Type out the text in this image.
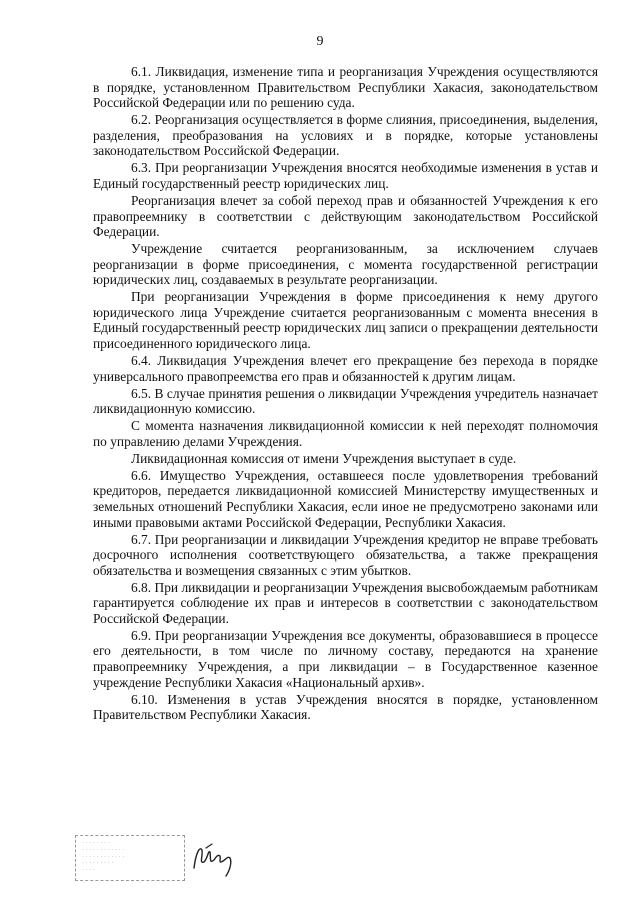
9

6.1. Ликвидация, изменение типа и реорганизация Учреждения осуществляются в порядке, установленном Правительством Республики Хакасия, законодательством Российской Федерации или по решению суда.

6.2. Реорганизация осуществляется в форме слияния, присоединения, выделения, разделения, преобразования на условиях и в порядке, которые установлены законодательством Российской Федерации.

6.3. При реорганизации Учреждения вносятся необходимые изменения в устав и Единый государственный реестр юридических лиц.

Реорганизация влечет за собой переход прав и обязанностей Учреждения к его правопреемнику в соответствии с действующим законодательством Российской Федерации.

Учреждение считается реорганизованным, за исключением случаев реорганизации в форме присоединения, с момента государственной регистрации юридических лиц, создаваемых в результате реорганизации.

При реорганизации Учреждения в форме присоединения к нему другого юридического лица Учреждение считается реорганизованным с момента внесения в Единый государственный реестр юридических лиц записи о прекращении деятельности присоединенного юридического лица.

6.4. Ликвидация Учреждения влечет его прекращение без перехода в порядке универсального правопреемства его прав и обязанностей к другим лицам.

6.5. В случае принятия решения о ликвидации Учреждения учредитель назначает ликвидационную комиссию.

С момента назначения ликвидационной комиссии к ней переходят полномочия по управлению делами Учреждения.

Ликвидационная комиссия от имени Учреждения выступает в суде.

6.6. Имущество Учреждения, оставшееся после удовлетворения требований кредиторов, передается ликвидационной комиссией Министерству имущественных и земельных отношений Республики Хакасия, если иное не предусмотрено законами или иными правовыми актами Российской Федерации, Республики Хакасия.

6.7. При реорганизации и ликвидации Учреждения кредитор не вправе требовать досрочного исполнения соответствующего обязательства, а также прекращения обязательства и возмещения связанных с этим убытков.

6.8. При ликвидации и реорганизации Учреждения высвобождаемым работникам гарантируется соблюдение их прав и интересов в соответствии с законодательством Российской Федерации.

6.9. При реорганизации Учреждения все документы, образовавшиеся в процессе его деятельности, в том числе по личному составу, передаются на хранение правопреемнику Учреждения, а при ликвидации – в Государственное казенное учреждение Республики Хакасия «Национальный архив».

6.10. Изменения в устав Учреждения вносятся в порядке, установленном Правительством Республики Хакасия.

· · · · · · · ·
· · · · · · · · · · · ·
· · · · · · · · · · · ·
· · · · · · · · ·
· · · ·
